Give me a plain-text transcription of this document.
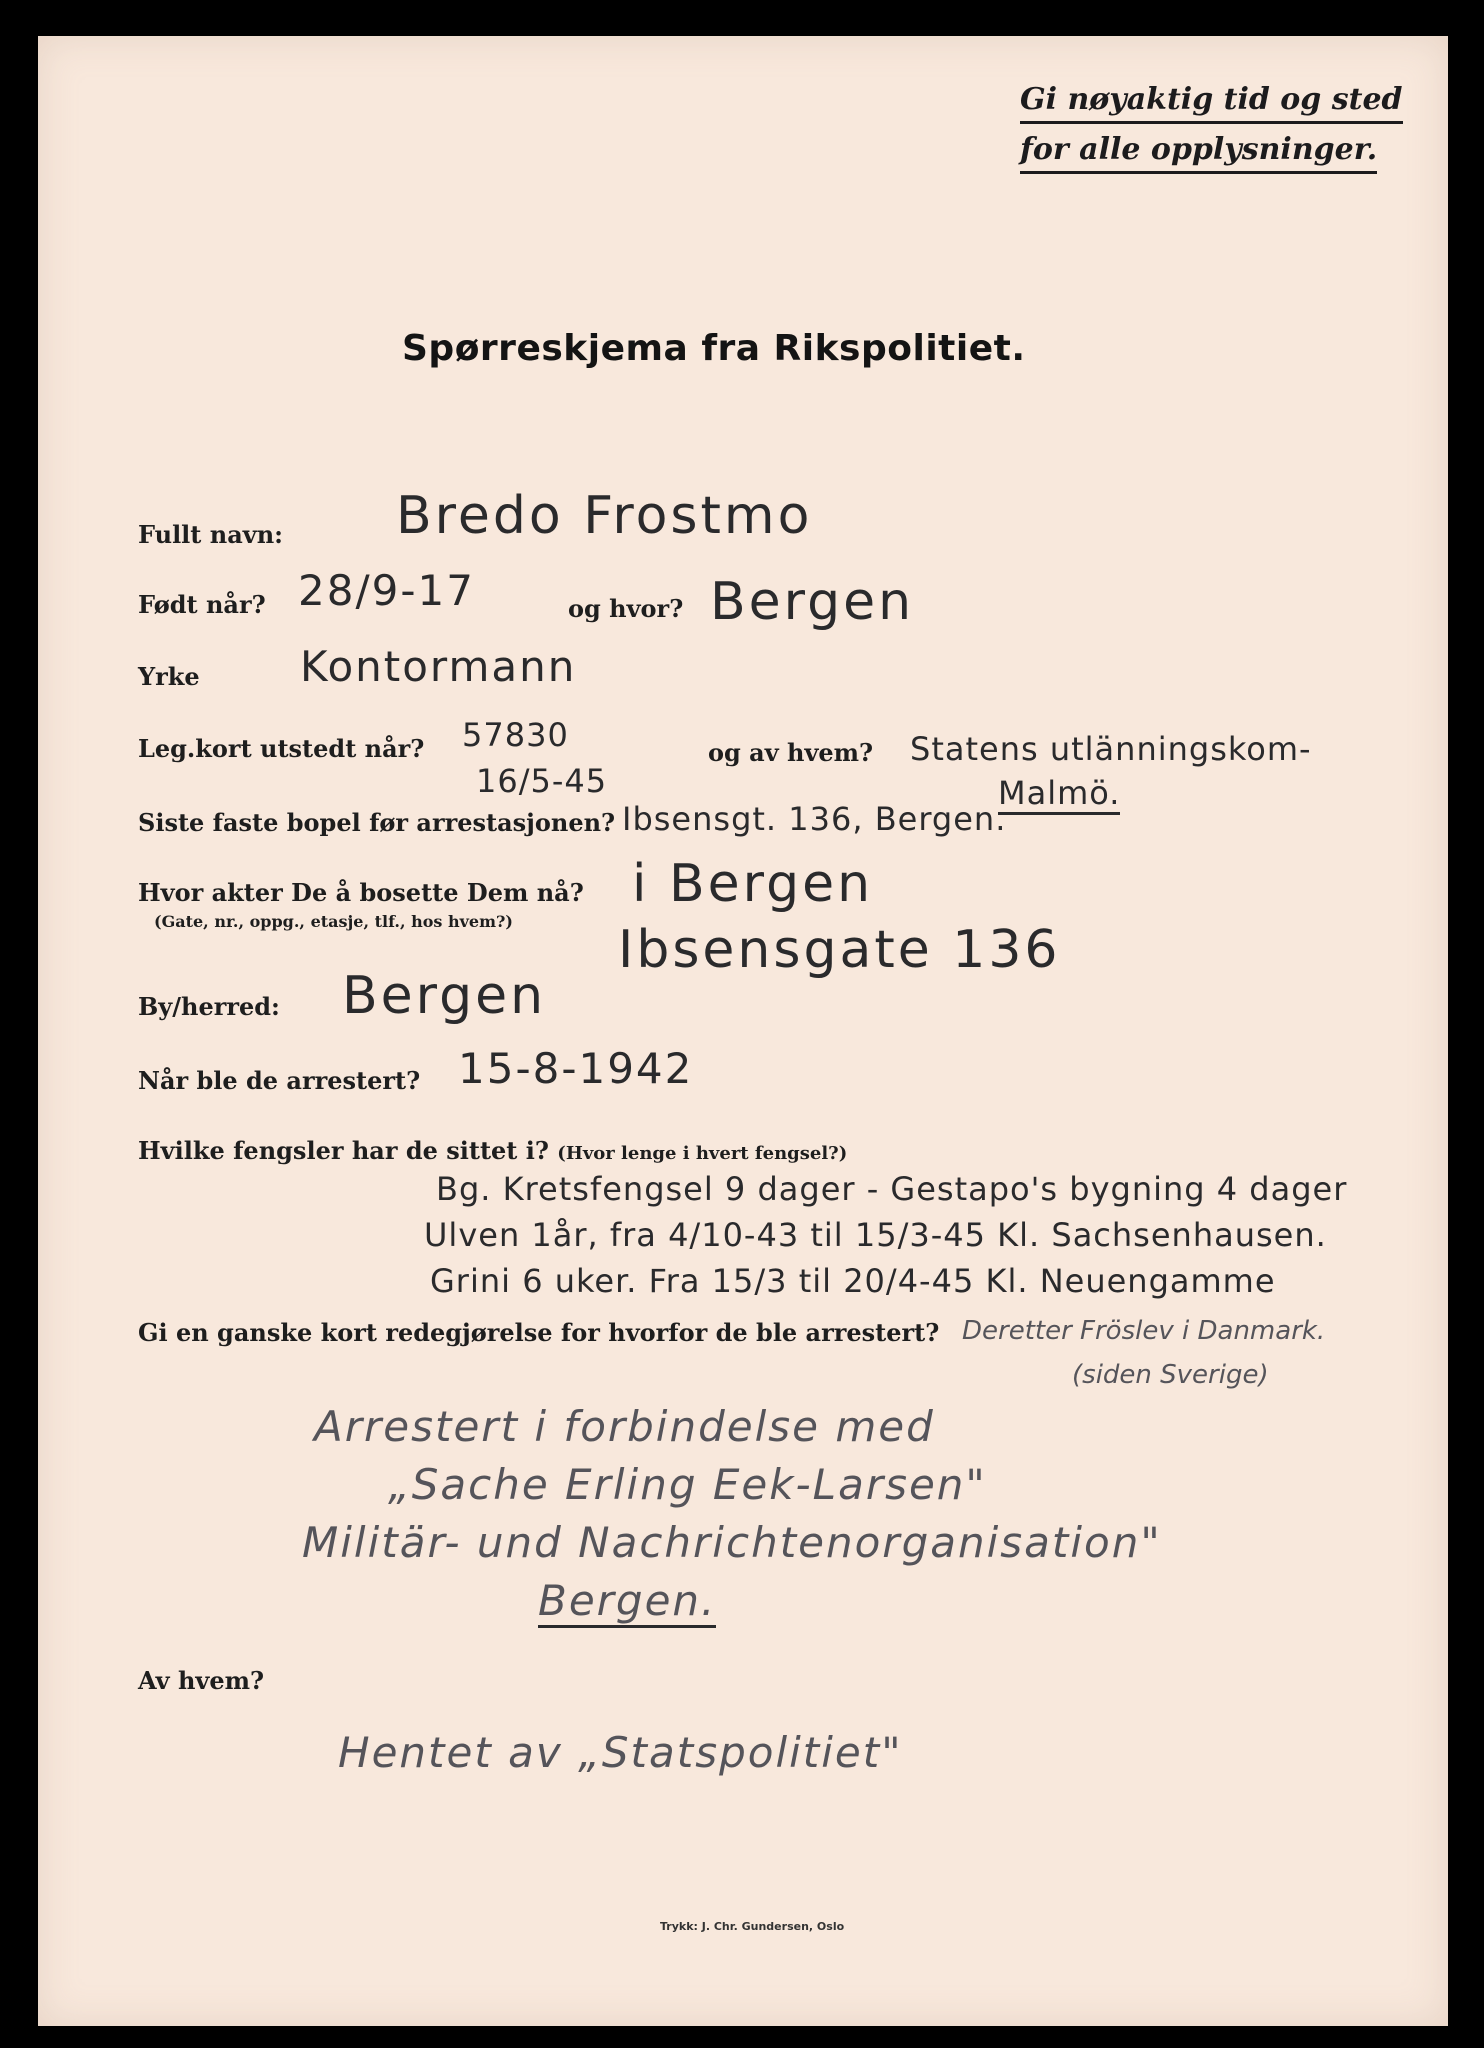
Gi nøyaktig tid og sted
for alle opplysninger.
Spørreskjema fra Rikspolitiet.
Fullt navn: Bredo Frostmo
Født når? 28/9-17	og hvor? Bergen
Yrke Kontormann
Leg.kort utstedt når? 57830
16/5-45
og av hvem? Statens utlänningskom-
Malmö.
Siste faste bopel før arrestasjonen? Ibsensgt. 136, Bergen.
Hvor akter De å bosette Dem nå?
(Gate, nr., oppg., etasje, tlf., hos hvem?)
i Bergen
Ibsensgate 136
By/herred: Bergen
Når ble de arrestert? 15-8-1942
Hvilke fengsler har de sittet i? (Hvor lenge i hvert fengsel?)
Bg. Kretsfengsel 9 dager - Gestapo's bygning 4 dager
Ulven 1år, fra 4/10-43 til 15/3-45 Kl. Sachsenhausen.
Grini 6 uker. Fra 15/3 til 20/4-45 Kl. Neuengamme
Deretter Fröslev i Danmark.
(siden Sverige)
Gi en ganske kort redegjørelse for hvorfor de ble arrestert?
Arrestert i forbindelse med
„Sache Erling Eek-Larsen"
Militär- und Nachrichtenorganisation"
Bergen.
Av hvem?
Hentet av „Statspolitiet"
Trykk: J. Chr. Gundersen, Oslo
